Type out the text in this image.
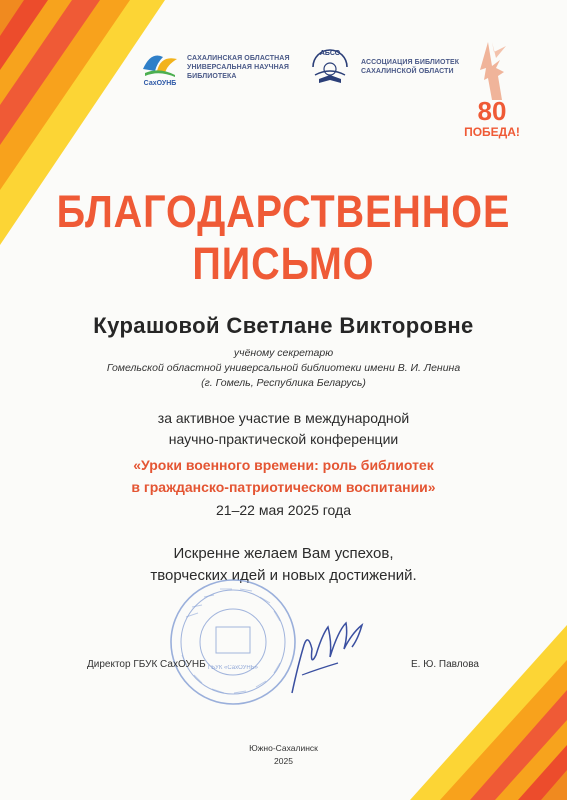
СахОУНБ
САХАЛИНСКАЯ ОБЛАСТНАЯ
УНИВЕРСАЛЬНАЯ НАУЧНАЯ
БИБЛИОТЕКА
АБСО
АССОЦИАЦИЯ БИБЛИОТЕК
САХАЛИНСКОЙ ОБЛАСТИ
80
ПОБЕДА!
БЛАГОДАРСТВЕННОЕ
ПИСЬМО
Курашовой Светлане Викторовне
учёному секретарю
Гомельской областной универсальной библиотеки имени В. И. Ленина
(г. Гомель, Республика Беларусь)
за активное участие в международной
научно-практической конференции
«Уроки военного времени: роль библиотек
в гражданско-патриотическом воспитании»
21–22 мая 2025 года
Искренне желаем Вам успехов,
творческих идей и новых достижений.
ГБУК «СахОУНБ»
Директор ГБУК СахОУНБ	Е. Ю. Павлова
Южно-Сахалинск
2025
